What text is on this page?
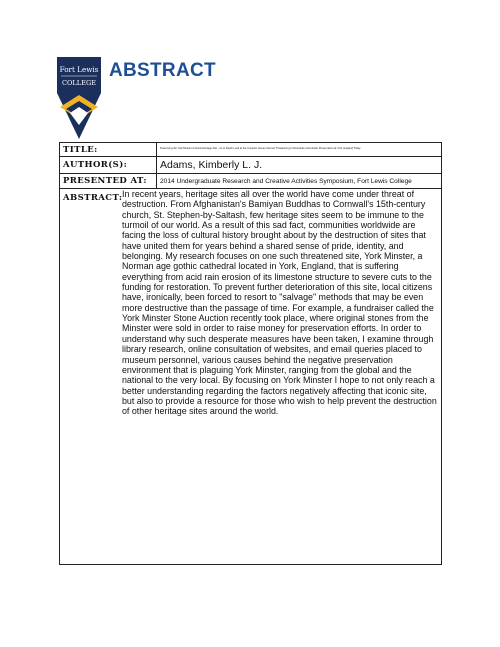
Fort Lewis
COLLEGE
ABSTRACT
TITLE:	Preserving the York Minster Cultural Heritage Site - an In Depth Look at the Complex Issues that are Threatening to Dismantle and Hinder Preservation at York, England Today
AUTHOR(S):	Adams, Kimberly L. J.
PRESENTED AT:	2014 Undergraduate Research and Creative Activities Symposium, Fort Lewis College
ABSTRACT: In recent years, heritage sites all over the world have come under threat of destruction. From Afghanistan's Bamiyan Buddhas to Cornwall's 15th-century church, St. Stephen-by-Saltash, few heritage sites seem to be immune to the turmoil of our world. As a result of this sad fact, communities worldwide are facing the loss of cultural history brought about by the destruction of sites that have united them for years behind a shared sense of pride, identity, and belonging. My research focuses on one such threatened site, York Minster, a Norman age gothic cathedral located in York, England, that is suffering everything from acid rain erosion of its limestone structure to severe cuts to the funding for restoration. To prevent further deterioration of this site, local citizens have, ironically, been forced to resort to "salvage" methods that may be even more destructive than the passage of time. For example, a fundraiser called the York Minster Stone Auction recently took place, where original stones from the Minster were sold in order to raise money for preservation efforts. In order to understand why such desperate measures have been taken, I examine through library research, online consultation of websites, and email queries placed to museum personnel, various causes behind the negative preservation environment that is plaguing York Minster, ranging from the global and the national to the very local. By focusing on York Minster I hope to not only reach a better understanding regarding the factors negatively affecting that iconic site, but also to provide a resource for those who wish to help prevent the destruction of other heritage sites around the world.
